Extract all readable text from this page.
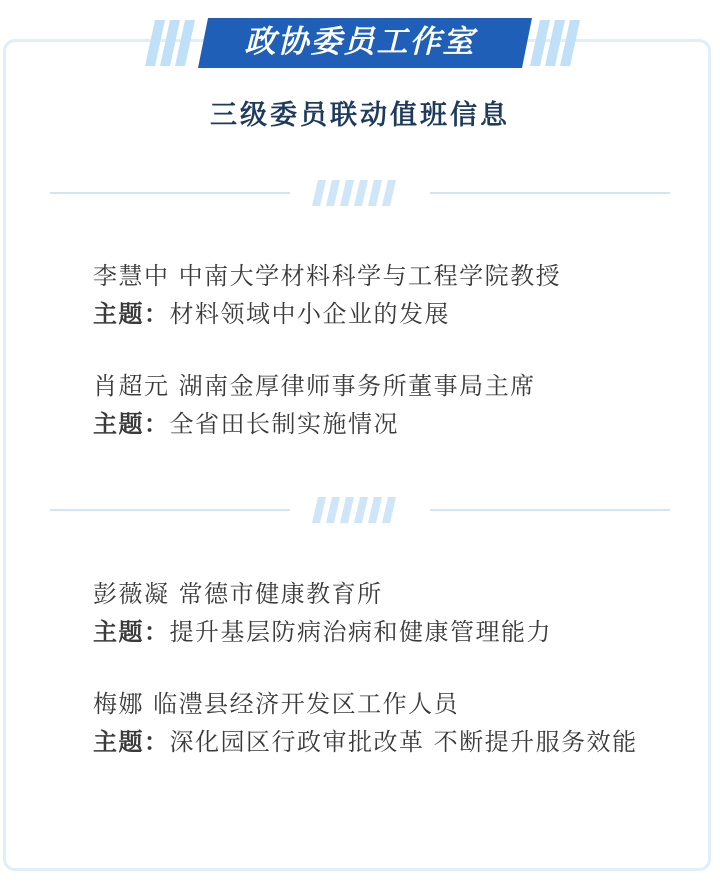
政协委员工作室
三级委员联动值班信息

李慧中 中南大学材料科学与工程学院教授

主题：材料领域中小企业的发展

肖超元 湖南金厚律师事务所董事局主席

主题：全省田长制实施情况

彭薇凝 常德市健康教育所

主题：提升基层防病治病和健康管理能力

梅娜 临澧县经济开发区工作人员

主题：深化园区行政审批改革 不断提升服务效能
